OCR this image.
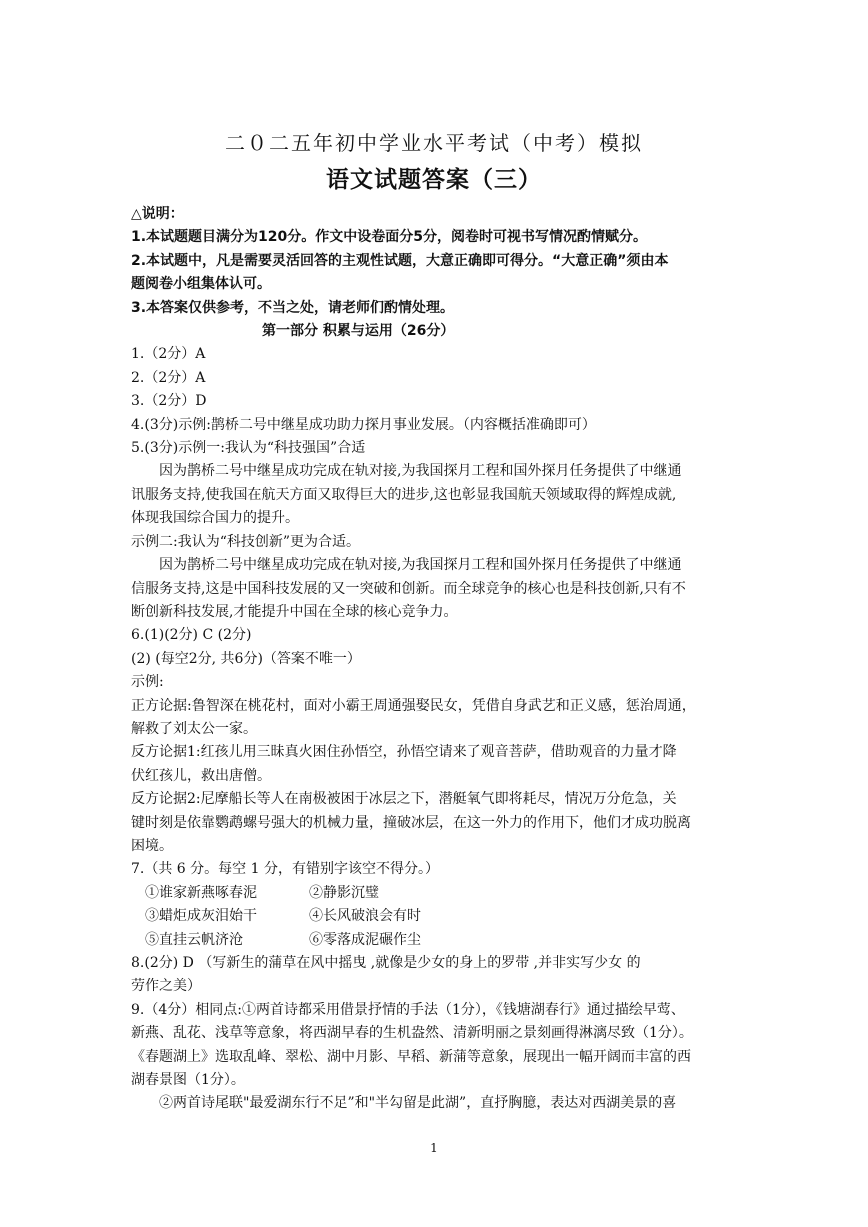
二０二五年初中学业水平考试（中考）模拟
语文试题答案（三）
△说明：
1.本试题题目满分为120分。作文中设卷面分5分，阅卷时可视书写情况酌情赋分。
2.本试题中，凡是需要灵活回答的主观性试题，大意正确即可得分。“大意正确”须由本
题阅卷小组集体认可。
3.本答案仅供参考，不当之处，请老师们酌情处理。
第一部分 积累与运用（26分）
1.（2分）A
2.（2分）A
3.（2分）D
4.(3分)示例:鹊桥二号中继星成功助力探月事业发展。（内容概括准确即可）
5.(3分)示例一:我认为“科技强国”合适
因为鹊桥二号中继星成功完成在轨对接,为我国探月工程和国外探月任务提供了中继通
讯服务支持,使我国在航天方面又取得巨大的进步,这也彰显我国航天领域取得的辉煌成就,
体现我国综合国力的提升。
示例二:我认为“科技创新”更为合适。
因为鹊桥二号中继星成功完成在轨对接,为我国探月工程和国外探月任务提供了中继通
信服务支持,这是中国科技发展的又一突破和创新。而全球竞争的核心也是科技创新,只有不
断创新科技发展,才能提升中国在全球的核心竞争力。
6.(1)(2分) C (2分)
(2) (每空2分, 共6分)（答案不唯一）
示例:
正方论据:鲁智深在桃花村，面对小霸王周通强娶民女，凭借自身武艺和正义感，惩治周通，
解救了刘太公一家。
反方论据1:红孩儿用三昧真火困住孙悟空，孙悟空请来了观音菩萨，借助观音的力量才降
伏红孩儿，救出唐僧。
反方论据2:尼摩船长等人在南极被困于冰层之下，潜艇氧气即将耗尽，情况万分危急，关
键时刻是依靠鹦鹉螺号强大的机械力量，撞破冰层，在这一外力的作用下，他们才成功脱离
困境。
7.（共 6 分。每空 1 分，有错别字该空不得分。）
①谁家新燕啄春泥	②静影沉璧
③蜡炬成灰泪始干	④长风破浪会有时
⑤直挂云帆济沧	⑥零落成泥碾作尘
8.(2分) D （写新生的蒲草在风中摇曳 ,就像是少女的身上的罗带 ,并非实写少女 的
劳作之美）
9.（4分）相同点:①两首诗都采用借景抒情的手法（1分），《钱塘湖春行》通过描绘早莺、
新燕、乱花、浅草等意象，将西湖早春的生机盎然、清新明丽之景刻画得淋漓尽致（1分）。
《春题湖上》选取乱峰、翠松、湖中月影、早稻、新蒲等意象，展现出一幅开阔而丰富的西
湖春景图（1分）。
②两首诗尾联"最爱湖东行不足”和"半勾留是此湖”，直抒胸臆，表达对西湖美景的喜
1
